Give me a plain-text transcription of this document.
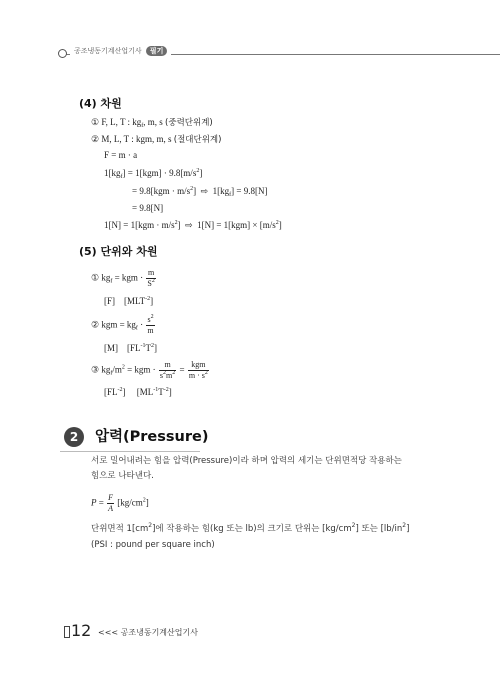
공조냉동기계산업기사 필기
(4) 차원
① F, L, T : $kg_f$, m, s (중력단위계)
② M, L, T : kgm, m, s (절대단위계)
F = m · a
$1[kg_f] = 1[kgm] \cdot 9.8[m/s^2]$
= $9.8[kgm \cdot m/s^2]$  ⇨  $1[kg_f] = 9.8[N]$
= 9.8[N]
$1[N] = 1[kgm \cdot m/s^2]$  ⇨  $1[N] = 1[kgm] \times [m/s^2]$
(5) 단위와 차원
① $kg_f$ = kgm · $\frac{m}{S^2}$
[F]    $[MLT^{-2}]$
② kgm = $kg_f \cdot \frac{s^2}{m}$
[M]    $[FL^{-1}T^2]$
③ $kg_f/m^2$ = kgm · $\frac{m}{s^2m^2} = \frac{\text{kgm}}{m \cdot s^2}$
$[FL^{-2}]$     $[ML^{-1}T^{-2}]$
2	압력(Pressure)
서로 밀어내려는 힘을 압력(Pressure)이라 하며 압력의 세기는 단위면적당 작용하는
힘으로 나타낸다.
$P = \frac{F}{A} [kg/cm^2]$
단위면적 $1[cm^2]$에 작용하는 힘(kg 또는 lb)의 크기로 단위는 $[kg/cm^2]$ 또는 $[lb/in^2]$
(PSI : pound per square inch)
12 <<< 공조냉동기계산업기사
